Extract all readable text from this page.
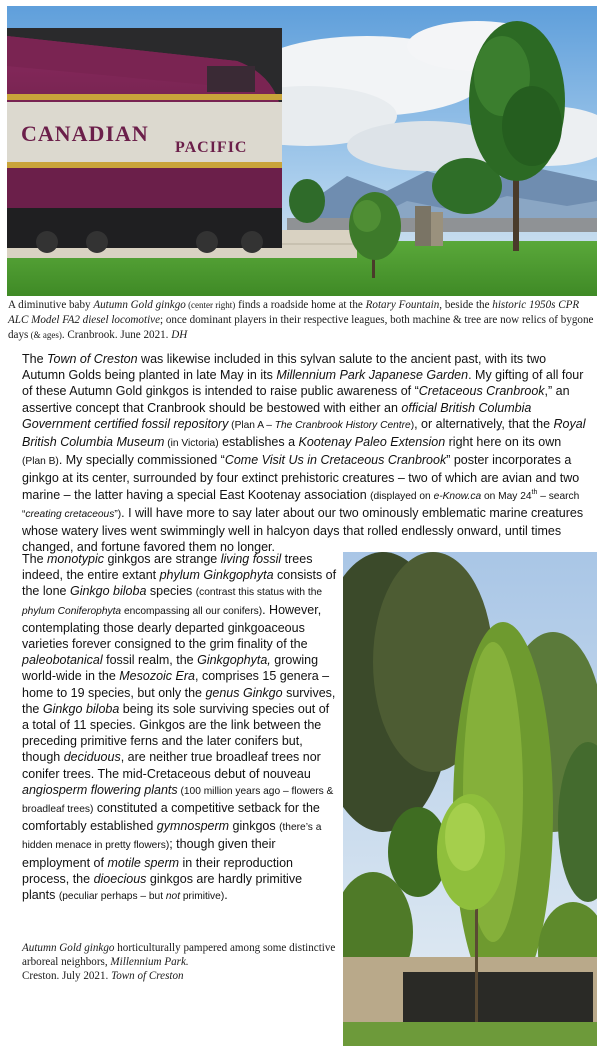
CANADIAN
PACIFIC
A diminutive baby Autumn Gold ginkgo (center right) finds a roadside home at the Rotary Fountain, beside the historic 1950s CPR ALC Model FA2 diesel locomotive; once dominant players in their respective leagues, both machine & tree are now relics of bygone days (& ages). Cranbrook. June 2021. DH
The Town of Creston was likewise included in this sylvan salute to the ancient past, with its two Autumn Golds being planted in late May in its Millennium Park Japanese Garden. My gifting of all four of these Autumn Gold ginkgos is intended to raise public awareness of “Cretaceous Cranbrook,” an assertive concept that Cranbrook should be bestowed with either an official British Columbia Government certified fossil repository (Plan A – The Cranbrook History Centre), or alternatively, that the Royal British Columbia Museum (in Victoria) establishes a Kootenay Paleo Extension right here on its own (Plan B). My specially commissioned “Come Visit Us in Cretaceous Cranbrook” poster incorporates a ginkgo at its center, surrounded by four extinct prehistoric creatures – two of which are avian and two marine – the latter having a special East Kootenay association (displayed on e-Know.ca on May 24th – search “creating cretaceous”). I will have more to say later about our two ominously emblematic marine creatures whose watery lives went swimmingly well in halcyon days that rolled endlessly onward, until times changed, and fortune favored them no longer.
The monotypic ginkgos are strange living fossil trees indeed, the entire extant phylum Ginkgophyta consists of the lone Ginkgo biloba species (contrast this status with the phylum Coniferophyta encompassing all our conifers). However, contemplating those dearly departed ginkgoaceous varieties forever consigned to the grim finality of the paleobotanical fossil realm, the Ginkgophyta, growing world-wide in the Mesozoic Era, comprises 15 genera – home to 19 species, but only the genus Ginkgo survives, the Ginkgo biloba being its sole surviving species out of a total of 11 species. Ginkgos are the link between the preceding primitive ferns and the later conifers but, though deciduous, are neither true broadleaf trees nor conifer trees. The mid-Cretaceous debut of nouveau angiosperm flowering plants (100 million years ago – flowers & broadleaf trees) constituted a competitive setback for the comfortably established gymnosperm ginkgos (there’s a hidden menace in pretty flowers); though given their employment of motile sperm in their reproduction process, the dioecious ginkgos are hardly primitive plants (peculiar perhaps – but not primitive).
Autumn Gold ginkgo horticulturally pampered among some distinctive arboreal neighbors, Millennium Park.
Creston. July 2021. Town of Creston
